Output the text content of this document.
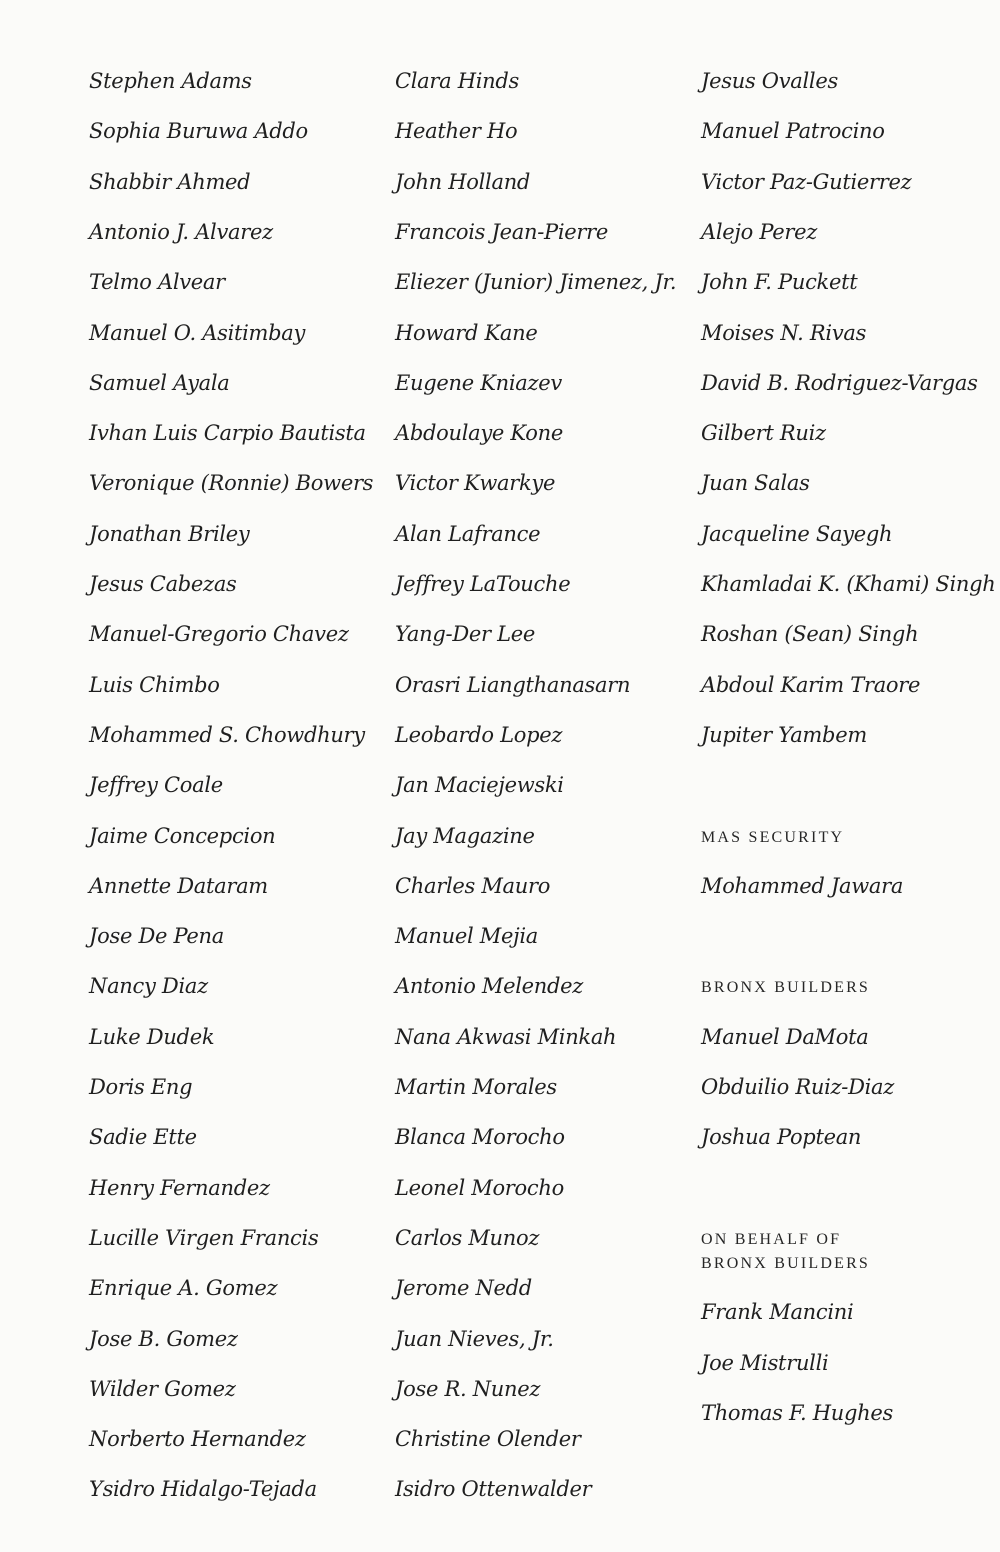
Stephen Adams
Sophia Buruwa Addo
Shabbir Ahmed
Antonio J. Alvarez
Telmo Alvear
Manuel O. Asitimbay
Samuel Ayala
Ivhan Luis Carpio Bautista
Veronique (Ronnie) Bowers
Jonathan Briley
Jesus Cabezas
Manuel-Gregorio Chavez
Luis Chimbo
Mohammed S. Chowdhury
Jeffrey Coale
Jaime Concepcion
Annette Dataram
Jose De Pena
Nancy Diaz
Luke Dudek
Doris Eng
Sadie Ette
Henry Fernandez
Lucille Virgen Francis
Enrique A. Gomez
Jose B. Gomez
Wilder Gomez
Norberto Hernandez
Ysidro Hidalgo-Tejada
Clara Hinds
Heather Ho
John Holland
Francois Jean-Pierre
Eliezer (Junior) Jimenez, Jr.
Howard Kane
Eugene Kniazev
Abdoulaye Kone
Victor Kwarkye
Alan Lafrance
Jeffrey LaTouche
Yang-Der Lee
Orasri Liangthanasarn
Leobardo Lopez
Jan Maciejewski
Jay Magazine
Charles Mauro
Manuel Mejia
Antonio Melendez
Nana Akwasi Minkah
Martin Morales
Blanca Morocho
Leonel Morocho
Carlos Munoz
Jerome Nedd
Juan Nieves, Jr.
Jose R. Nunez
Christine Olender
Isidro Ottenwalder
Jesus Ovalles
Manuel Patrocino
Victor Paz-Gutierrez
Alejo Perez
John F. Puckett
Moises N. Rivas
David B. Rodriguez-Vargas
Gilbert Ruiz
Juan Salas
Jacqueline Sayegh
Khamladai K. (Khami) Singh
Roshan (Sean) Singh
Abdoul Karim Traore
Jupiter Yambem
MAS SECURITY
Mohammed Jawara
BRONX BUILDERS
Manuel DaMota
Obduilio Ruiz-Diaz
Joshua Poptean
ON BEHALF OF
BRONX BUILDERS
Frank Mancini
Joe Mistrulli
Thomas F. Hughes
